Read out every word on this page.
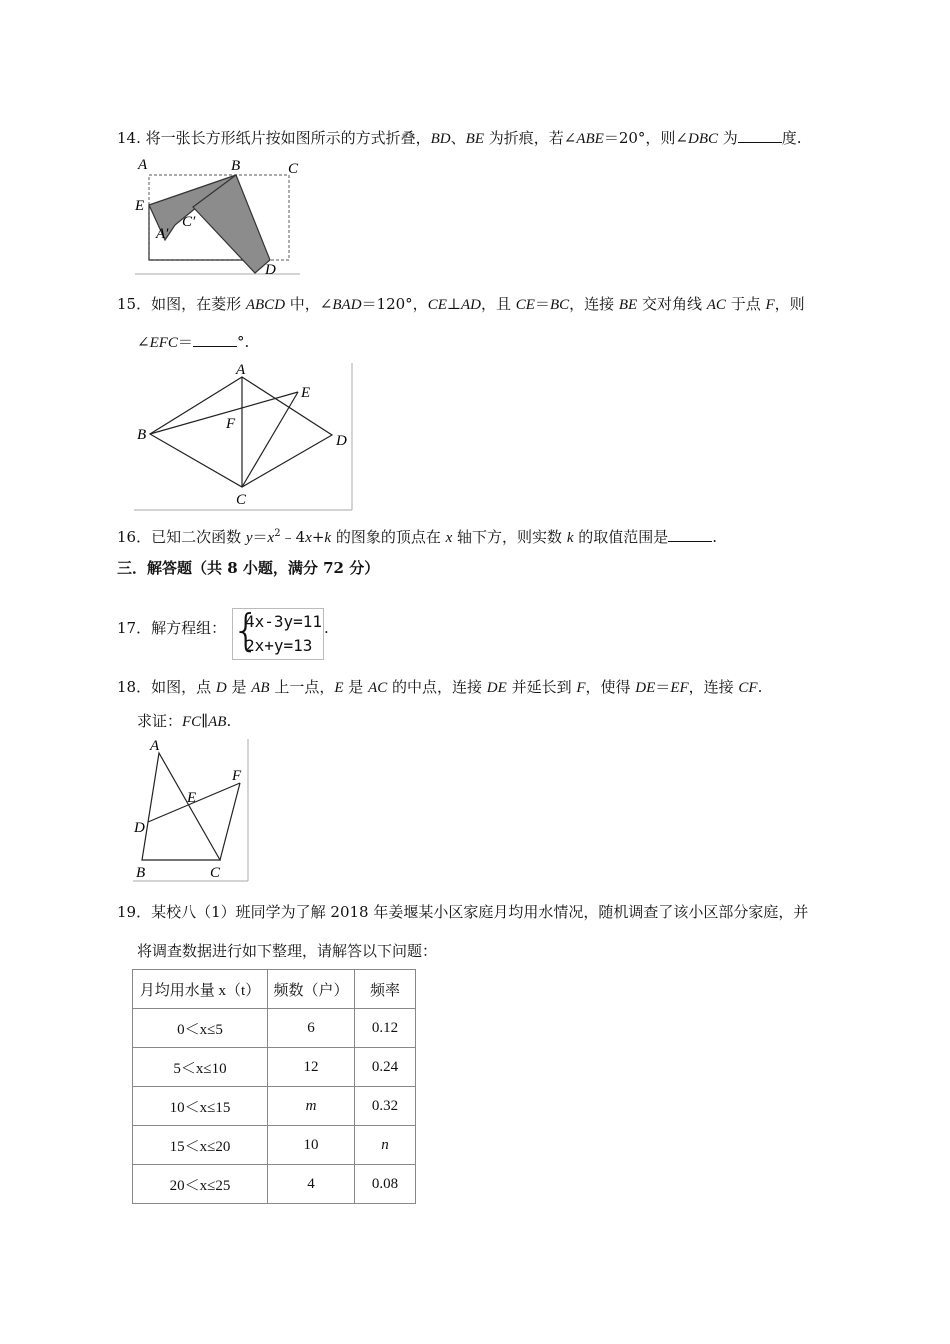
14. 将一张长方形纸片按如图所示的方式折叠，BD、BE 为折痕，若∠ABE＝20°，则∠DBC 为	度.
A	B	C
E
A′
C′
D
15．如图，在菱形 ABCD 中，∠BAD＝120°，CE⊥AD，且 CE＝BC，连接 BE 交对角线 AC 于点 F，则
∠EFC＝	°.
A
B
C
D
E
F
16．已知二次函数 $y=x^2﹣4x+k$ 的图象的顶点在 x 轴下方，则实数 k 的取值范围是	.
三．解答题（共 8 小题，满分 72 分）
17．解方程组： {
4x-3y=11
2x+y=13
.
18．如图，点 D 是 AB 上一点，E 是 AC 的中点，连接 DE 并延长到 F，使得 DE＝EF，连接 CF.
求证：FC∥AB.
A
B	C
D
E
F
19．某校八（1）班同学为了解 2018 年姜堰某小区家庭月均用水情况，随机调查了该小区部分家庭，并
将调查数据进行如下整理，请解答以下问题：
月均用水量 x（t）	频数（户）	频率
0＜x≤5	6	0.12
5＜x≤10	12	0.24
10＜x≤15	m	0.32
15＜x≤20	10	n
20＜x≤25	4	0.08
